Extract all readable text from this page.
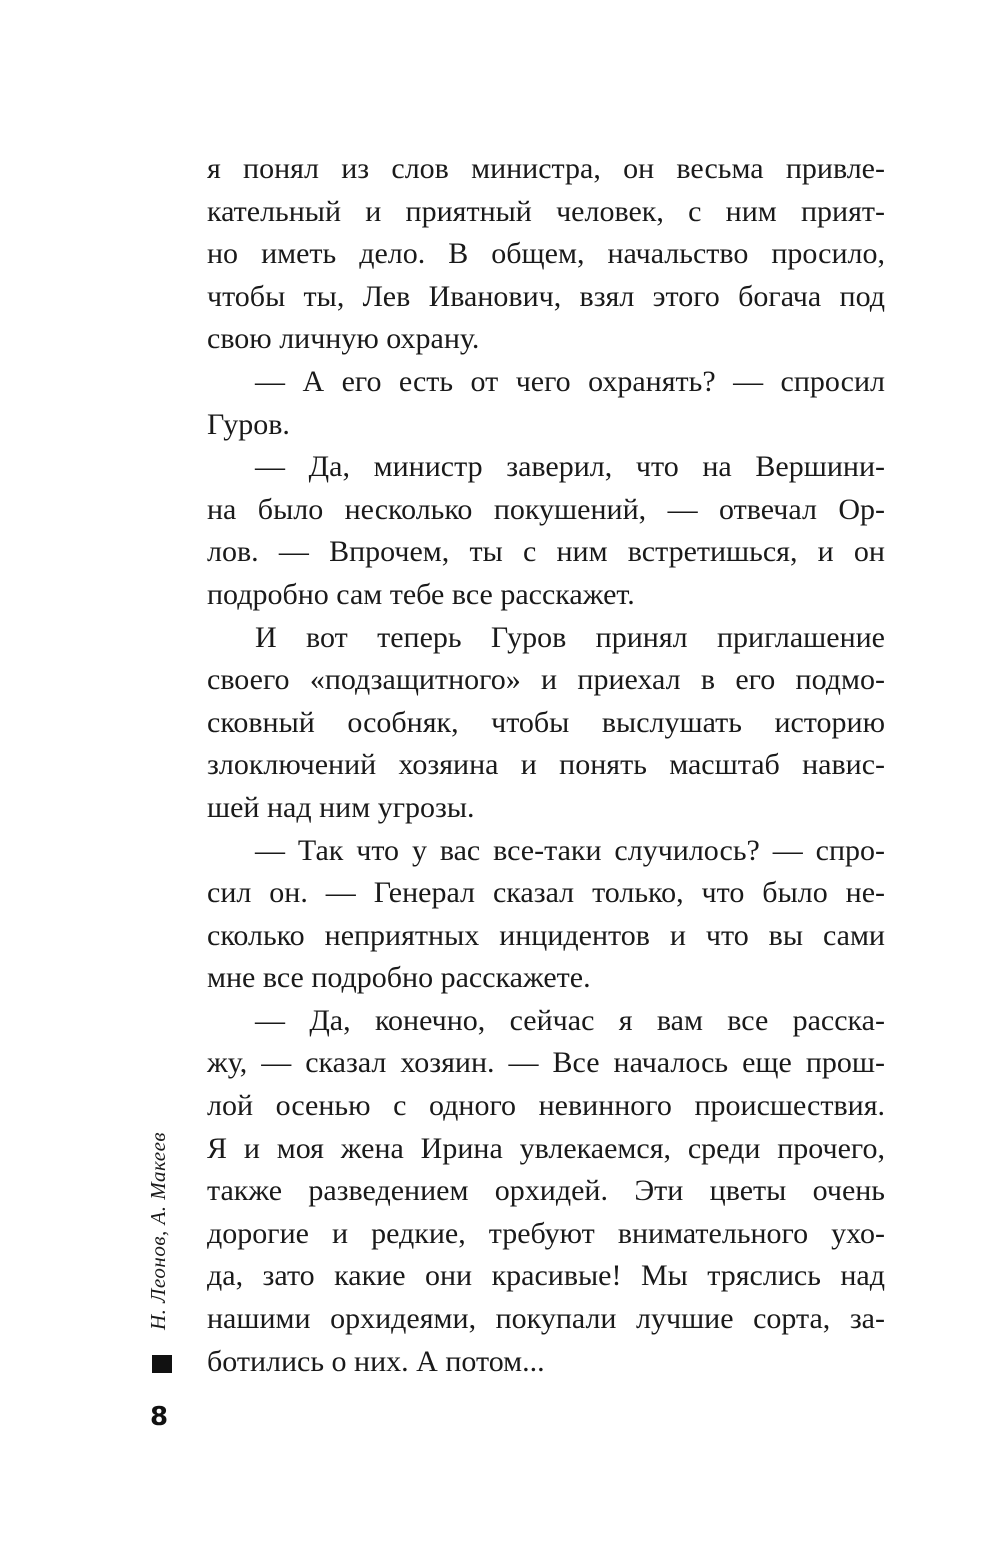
я понял из слов министра, он весьма привле-
кательный и приятный человек, с ним прият-
но иметь дело. В общем, начальство просило,
чтобы ты, Лев Иванович, взял этого богача под
свою личную охрану.
— А его есть от чего охранять? — спросил
Гуров.
— Да, министр заверил, что на Вершини-
на было несколько покушений, — отвечал Ор-
лов. — Впрочем, ты с ним встретишься, и он
подробно сам тебе все расскажет.
И вот теперь Гуров принял приглашение
своего «подзащитного» и приехал в его подмо-
сковный особняк, чтобы выслушать историю
злоключений хозяина и понять масштаб навис-
шей над ним угрозы.
— Так что у вас все-таки случилось? — спро-
сил он. — Генерал сказал только, что было не-
сколько неприятных инцидентов и что вы сами
мне все подробно расскажете.
— Да, конечно, сейчас я вам все расска-
жу, — сказал хозяин. — Все началось еще прош-
лой осенью с одного невинного происшествия.
Я и моя жена Ирина увлекаемся, среди прочего,
также разведением орхидей. Эти цветы очень
дорогие и редкие, требуют внимательного ухо-
да, зато какие они красивые! Мы тряслись над
нашими орхидеями, покупали лучшие сорта, за-
ботились о них. А потом...
Н. Леонов, А. Макеев
8
